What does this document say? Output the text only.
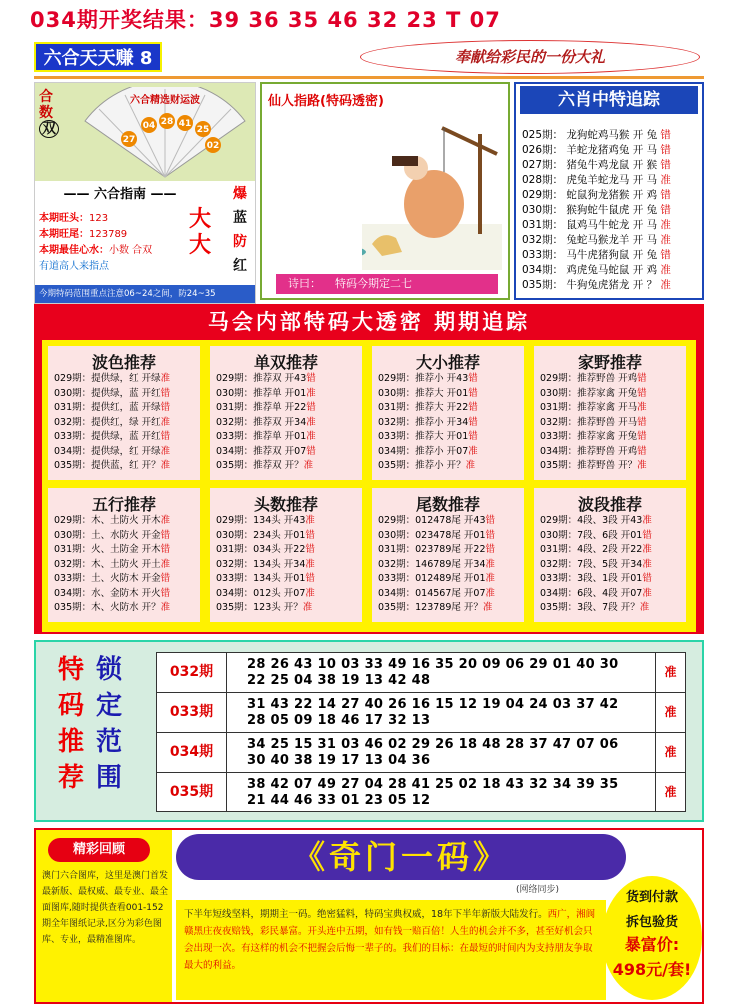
034期开奖结果：39 36 35 46 32 23 T 07
六合天天赚 8	奉献给彩民的一份大礼
合数
双
六合精选财运波
27
04 28 41
25
02
—— 六合指南 ——
本期旺头：123
本期旺尾：123789
本期最佳心水：小数 合双
有道高人来指点
大
大
爆
蓝
防
红
今期特码范围重点注意06~24之间，防24~35
仙人指路(特码透密)
诗曰： 特码今期定二七
六肖中特追踪
025期： 龙狗蛇鸡马猴 开 兔 错
026期： 羊蛇龙猪鸡兔 开 马 错
027期： 猪兔牛鸡龙鼠 开 猴 错
028期： 虎兔羊蛇龙马 开 马 准
029期： 蛇鼠狗龙猪猴 开 鸡 错
030期： 猴狗蛇牛鼠虎 开 兔 错
031期： 鼠鸡马牛蛇龙 开 马 准
032期： 兔蛇马猴龙羊 开 马 准
033期： 马牛虎猪狗鼠 开 兔 错
034期： 鸡虎兔马蛇鼠 开 鸡 准
035期： 牛狗兔虎猪龙 开 ？ 准
马会内部特码大透密 期期追踪
波色推荐
029期：提供绿，红 开绿准
030期：提供绿，蓝 开红错
031期：提供红，蓝 开绿错
032期：提供红，绿 开红准
033期：提供绿，蓝 开红错
034期：提供绿，红 开绿准
035期：提供蓝，红 开？准
单双推荐
029期：推荐双 开43错
030期：推荐单 开01准
031期：推荐单 开22错
032期：推荐双 开34准
033期：推荐单 开01准
034期：推荐双 开07错
035期：推荐双 开？准
大小推荐
029期：推荐小 开43错
030期：推荐大 开01错
031期：推荐大 开22错
032期：推荐小 开34错
033期：推荐大 开01错
034期：推荐小 开07准
035期：推荐小 开？准
家野推荐
029期：推荐野兽 开鸡错
030期：推荐家禽 开兔错
031期：推荐家禽 开马准
032期：推荐野兽 开马错
033期：推荐家禽 开兔错
034期：推荐野兽 开鸡错
035期：推荐野兽 开？准
五行推荐
029期：木、土防火 开木准
030期：土、水防火 开金错
031期：火、土防金 开木错
032期：木、土防火 开土准
033期：土、火防木 开金错
034期：水、金防木 开火错
035期：木、火防水 开？准
头数推荐
029期：134头 开43准
030期：234头 开01错
031期：034头 开22错
032期：134头 开34准
033期：134头 开01错
034期：012头 开07准
035期：123头 开？准
尾数推荐
029期：012478尾 开43错
030期：023478尾 开01错
031期：023789尾 开22错
032期：146789尾 开34准
033期：012489尾 开01准
034期：014567尾 开07准
035期：123789尾 开？准
波段推荐
029期：4段、3段 开43准
030期：7段、6段 开01错
031期：4段、2段 开22准
032期：7段、5段 开34准
033期：3段、1段 开01错
034期：6段、4段 开07准
035期：3段、7段 开？准
特
码
推
荐
锁
定
范
围
032期	28 26 43 10 03 33 49 16 35 20 09 06 29 01 40 30
22 25 04 38 19 13 42 48
准
033期	31 43 22 14 27 40 26 16 15 12 19 04 24 03 37 42
28 05 09 18 46 17 32 13
准
034期	34 25 15 31 03 46 02 29 26 18 48 28 37 47 07 06
30 40 38 19 17 13 04 36
准
035期	38 42 07 49 27 04 28 41 25 02 18 43 32 34 39 35
21 44 46 33 01 23 05 12
准
精彩回顾
澳门六合图库，这里是澳门首发最新版、最权威、最专业、最全面图库,随时提供查看001-152期全年图纸记录,区分为彩色图库、专业，最精准图库。
《奇门一码》
(网络同步)
下半年短线坚料，期期主一码。绝密猛料，特码宝典权威，18年下半年新版大陆发行。西广，湘阆赣黑庄夜夜赔钱，彩民暴富。开头连中五期，如有钱一赔百倍！人生的机会并不多，甚至好机会只会出现一次。有这样的机会不把握会后悔一辈子的。我们的目标：在最短的时间内为支持朋友争取最大的利益。
货到付款
拆包验货
暴富价:
498元/套!
